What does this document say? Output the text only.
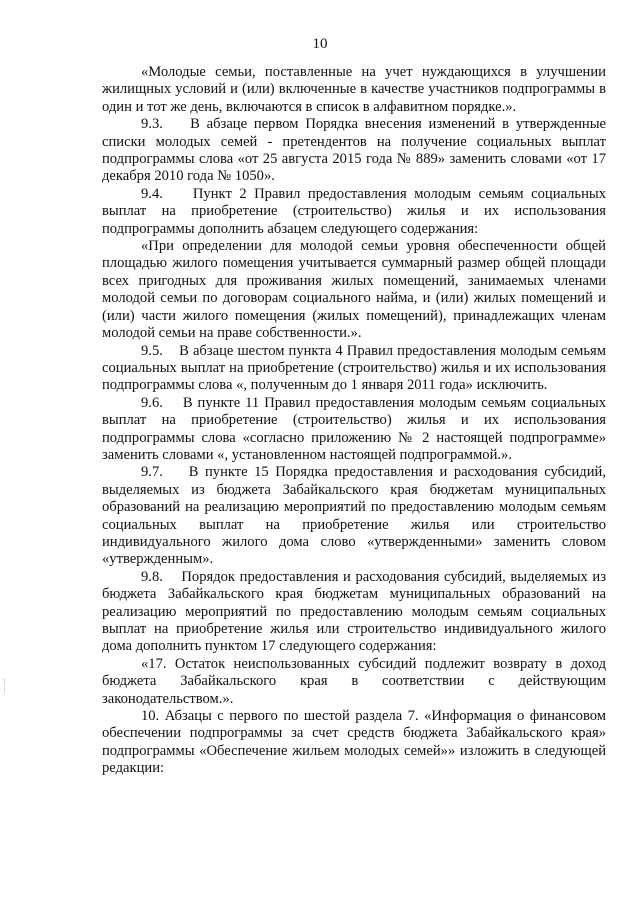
10

«Молодые семьи, поставленные на учет нуждающихся в улучшении жилищных условий и (или) включенные в качестве участников подпрограммы в один и тот же день, включаются в список в алфавитном порядке.».

9.3.    В абзаце первом Порядка внесения изменений в утвержденные списки молодых семей - претендентов на получение социальных выплат подпрограммы слова «от 25 августа 2015 года № 889» заменить словами «от 17 декабря 2010 года № 1050».

9.4.    Пункт 2 Правил предоставления молодым семьям социальных выплат на приобретение (строительство) жилья и их использования подпрограммы дополнить абзацем следующего содержания:

«При определении для молодой семьи уровня обеспеченности общей площадью жилого помещения учитывается суммарный размер общей площади всех пригодных для проживания жилых помещений, занимаемых членами молодой семьи по договорам социального найма, и (или) жилых помещений и (или) части жилого помещения (жилых помещений), принадлежащих членам молодой семьи на праве собственности.».

9.5.    В абзаце шестом пункта 4 Правил предоставления молодым семьям социальных выплат на приобретение (строительство) жилья и их использования подпрограммы слова «, полученным до 1 января 2011 года» исключить.

9.6.    В пункте 11 Правил предоставления молодым семьям социальных выплат на приобретение (строительство) жилья и их использования подпрограммы слова «согласно приложению № 2 настоящей подпрограмме» заменить словами «, установленном настоящей подпрограммой.».

9.7.    В пункте 15 Порядка предоставления и расходования субсидий, выделяемых из бюджета Забайкальского края бюджетам муниципальных образований на реализацию мероприятий по предоставлению молодым семьям социальных выплат на приобретение жилья или строительство индивидуального жилого дома слово «утвержденными» заменить словом «утвержденным».

9.8.    Порядок предоставления и расходования субсидий, выделяемых из бюджета Забайкальского края бюджетам муниципальных образований на реализацию мероприятий по предоставлению молодым семьям социальных выплат на приобретение жилья или строительство индивидуального жилого дома дополнить пунктом 17 следующего содержания:

«17. Остаток неиспользованных субсидий подлежит возврату в доход бюджета Забайкальского края в соответствии с действующим законодательством.».

10. Абзацы с первого по шестой раздела 7. «Информация о финансовом обеспечении подпрограммы за счет средств бюджета Забайкальского края» подпрограммы «Обеспечение жильем молодых семей»» изложить в следующей редакции:
